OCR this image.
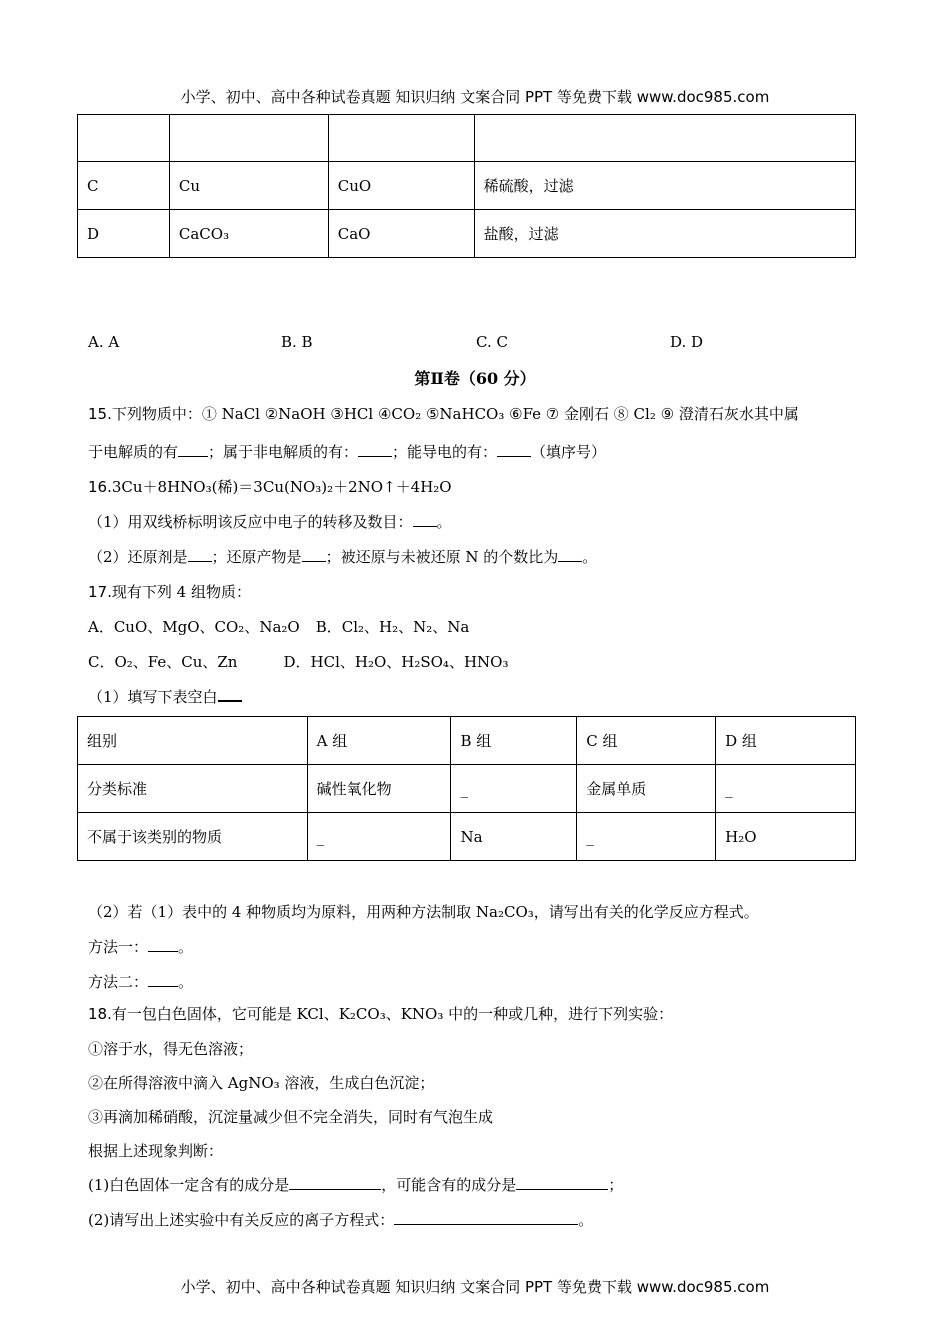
小学、初中、高中各种试卷真题 知识归纳 文案合同 PPT 等免费下载 www.doc985.com

C	Cu	CuO	稀硫酸，过滤
D	CaCO₃	CaO	盐酸，过滤
A. A	B. B	C. C	D. D
第Ⅱ卷（60 分）
15.下列物质中：① NaCl ②NaOH ③HCl ④CO₂ ⑤NaHCO₃ ⑥Fe ⑦ 金刚石 ⑧ Cl₂ ⑨ 澄清石灰水其中属
于电解质的有 ；属于非电解质的有： ；能导电的有： （填序号）
16.3Cu＋8HNO₃(稀)＝3Cu(NO₃)₂＋2NO↑＋4H₂O
（1）用双线桥标明该反应中电子的转移及数目： 。
（2）还原剂是 ；还原产物是 ；被还原与未被还原 N 的个数比为 。
17.现有下列 4 组物质：
A．CuO、MgO、CO₂、Na₂O B．Cl₂、H₂、N₂、Na
C．O₂、Fe、Cu、Zn	D．HCl、H₂O、H₂SO₄、HNO₃
（1）填写下表空白
组别	A 组	B 组	C 组	D 组
分类标准	碱性氧化物	_	金属单质	_
不属于该类别的物质	_	Na	_	H₂O
（2）若（1）表中的 4 种物质均为原料，用两种方法制取 Na₂CO₃，请写出有关的化学反应方程式。
方法一： 。
方法二： 。
18.有一包白色固体，它可能是 KCl、K₂CO₃、KNO₃ 中的一种或几种，进行下列实验：
①溶于水，得无色溶液；
②在所得溶液中滴入 AgNO₃ 溶液，生成白色沉淀；
③再滴加稀硝酸，沉淀量减少但不完全消失，同时有气泡生成
根据上述现象判断：
(1)白色固体一定含有的成分是	，可能含有的成分是	；
(2)请写出上述实验中有关反应的离子方程式：	。
小学、初中、高中各种试卷真题 知识归纳 文案合同 PPT 等免费下载 www.doc985.com
